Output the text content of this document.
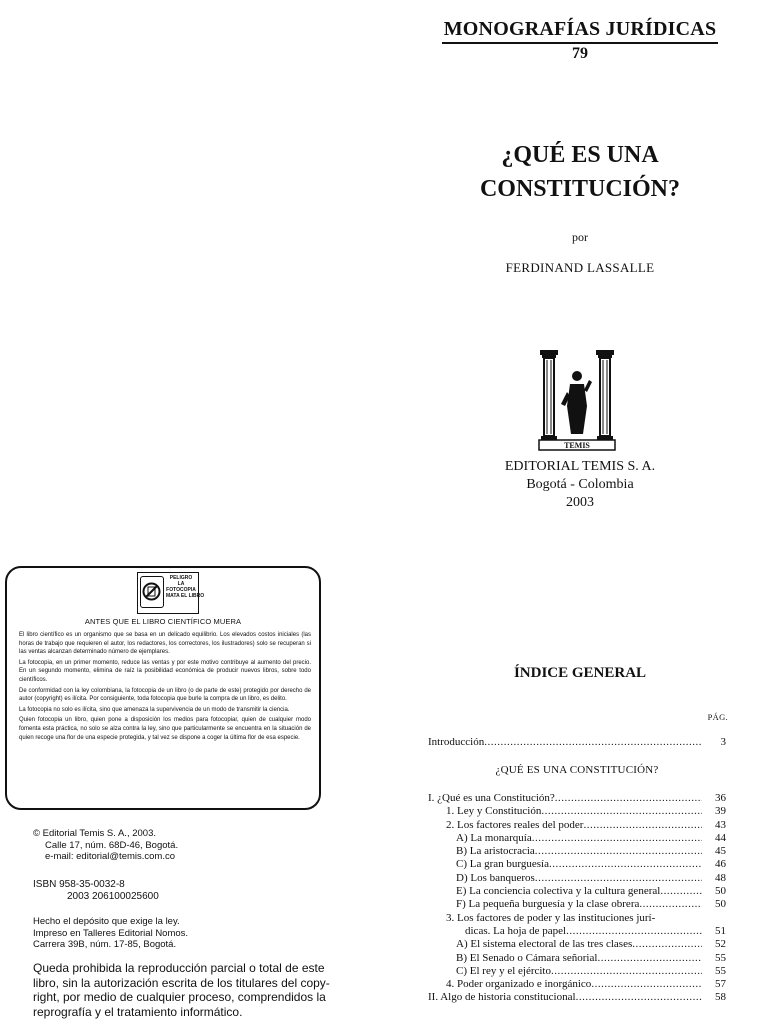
MONOGRAFÍAS JURÍDICAS
79
¿QUÉ ES UNA
CONSTITUCIÓN?
por
FERDINAND LASSALLE
TEMIS
EDITORIAL TEMIS S. A.
Bogotá - Colombia
2003
PELIGRO
LA
FOTOCOPIA
MATA EL LIBRO
ANTES QUE EL LIBRO CIENTÍFICO MUERA

El libro científico es un organismo que se basa en un delicado equilibrio. Los elevados costos iniciales (las horas de trabajo que requieren el autor, los redactores, los correctores, los ilustradores) solo se recuperan si las ventas alcanzan determinado número de ejemplares.

La fotocopia, en un primer momento, reduce las ventas y por este motivo contribuye al aumento del precio. En un segundo momento, elimina de raíz la posibilidad económica de producir nuevos libros, sobre todo científicos.

De conformidad con la ley colombiana, la fotocopia de un libro (o de parte de este) protegido por derecho de autor (copyright) es ilícita. Por consiguiente, toda fotocopia que burle la compra de un libro, es delito.

La fotocopia no solo es ilícita, sino que amenaza la supervivencia de un modo de transmitir la ciencia.

Quien fotocopia un libro, quien pone a disposición los medios para fotocopiar, quien de cualquier modo fomenta esta práctica, no solo se alza contra la ley, sino que particularmente se encuentra en la situación de quien recoge una flor de una especie protegida, y tal vez se dispone a coger la última flor de esa especie.

© Editorial Temis S. A., 2003.
Calle 17, núm. 68D-46, Bogotá.
e-mail: editorial@temis.com.co
ISBN 958-35-0032-8
2003 206100025600
Hecho el depósito que exige la ley.
Impreso en Talleres Editorial Nomos.
Carrera 39B, núm. 17-85, Bogotá.
Queda prohibida la reproducción parcial o total de este
libro, sin la autorización escrita de los titulares del copy-
right, por medio de cualquier proceso, comprendidos la
reprografía y el tratamiento informático.
ÍNDICE GENERAL
PÁG.
Introducción .....	3
¿QUÉ ES UNA CONSTITUCIÓN?
I. ¿Qué es una Constitución? .....	36
1. Ley y Constitución .....	39
2. Los factores reales del poder .....	43
A) La monarquía .....	44
B) La aristocracia .....	45
C) La gran burguesía .....	46
D) Los banqueros .....	48
E) La conciencia colectiva y la cultura general .....	50
F) La pequeña burguesía y la clase obrera .....	50
3. Los factores de poder y las instituciones jurí-
dicas. La hoja de papel .....	51
A) El sistema electoral de las tres clases .....	52
B) El Senado o Cámara señorial .....	55
C) El rey y el ejército .....	55
4. Poder organizado e inorgánico .....	57
II. Algo de historia constitucional .....	58
